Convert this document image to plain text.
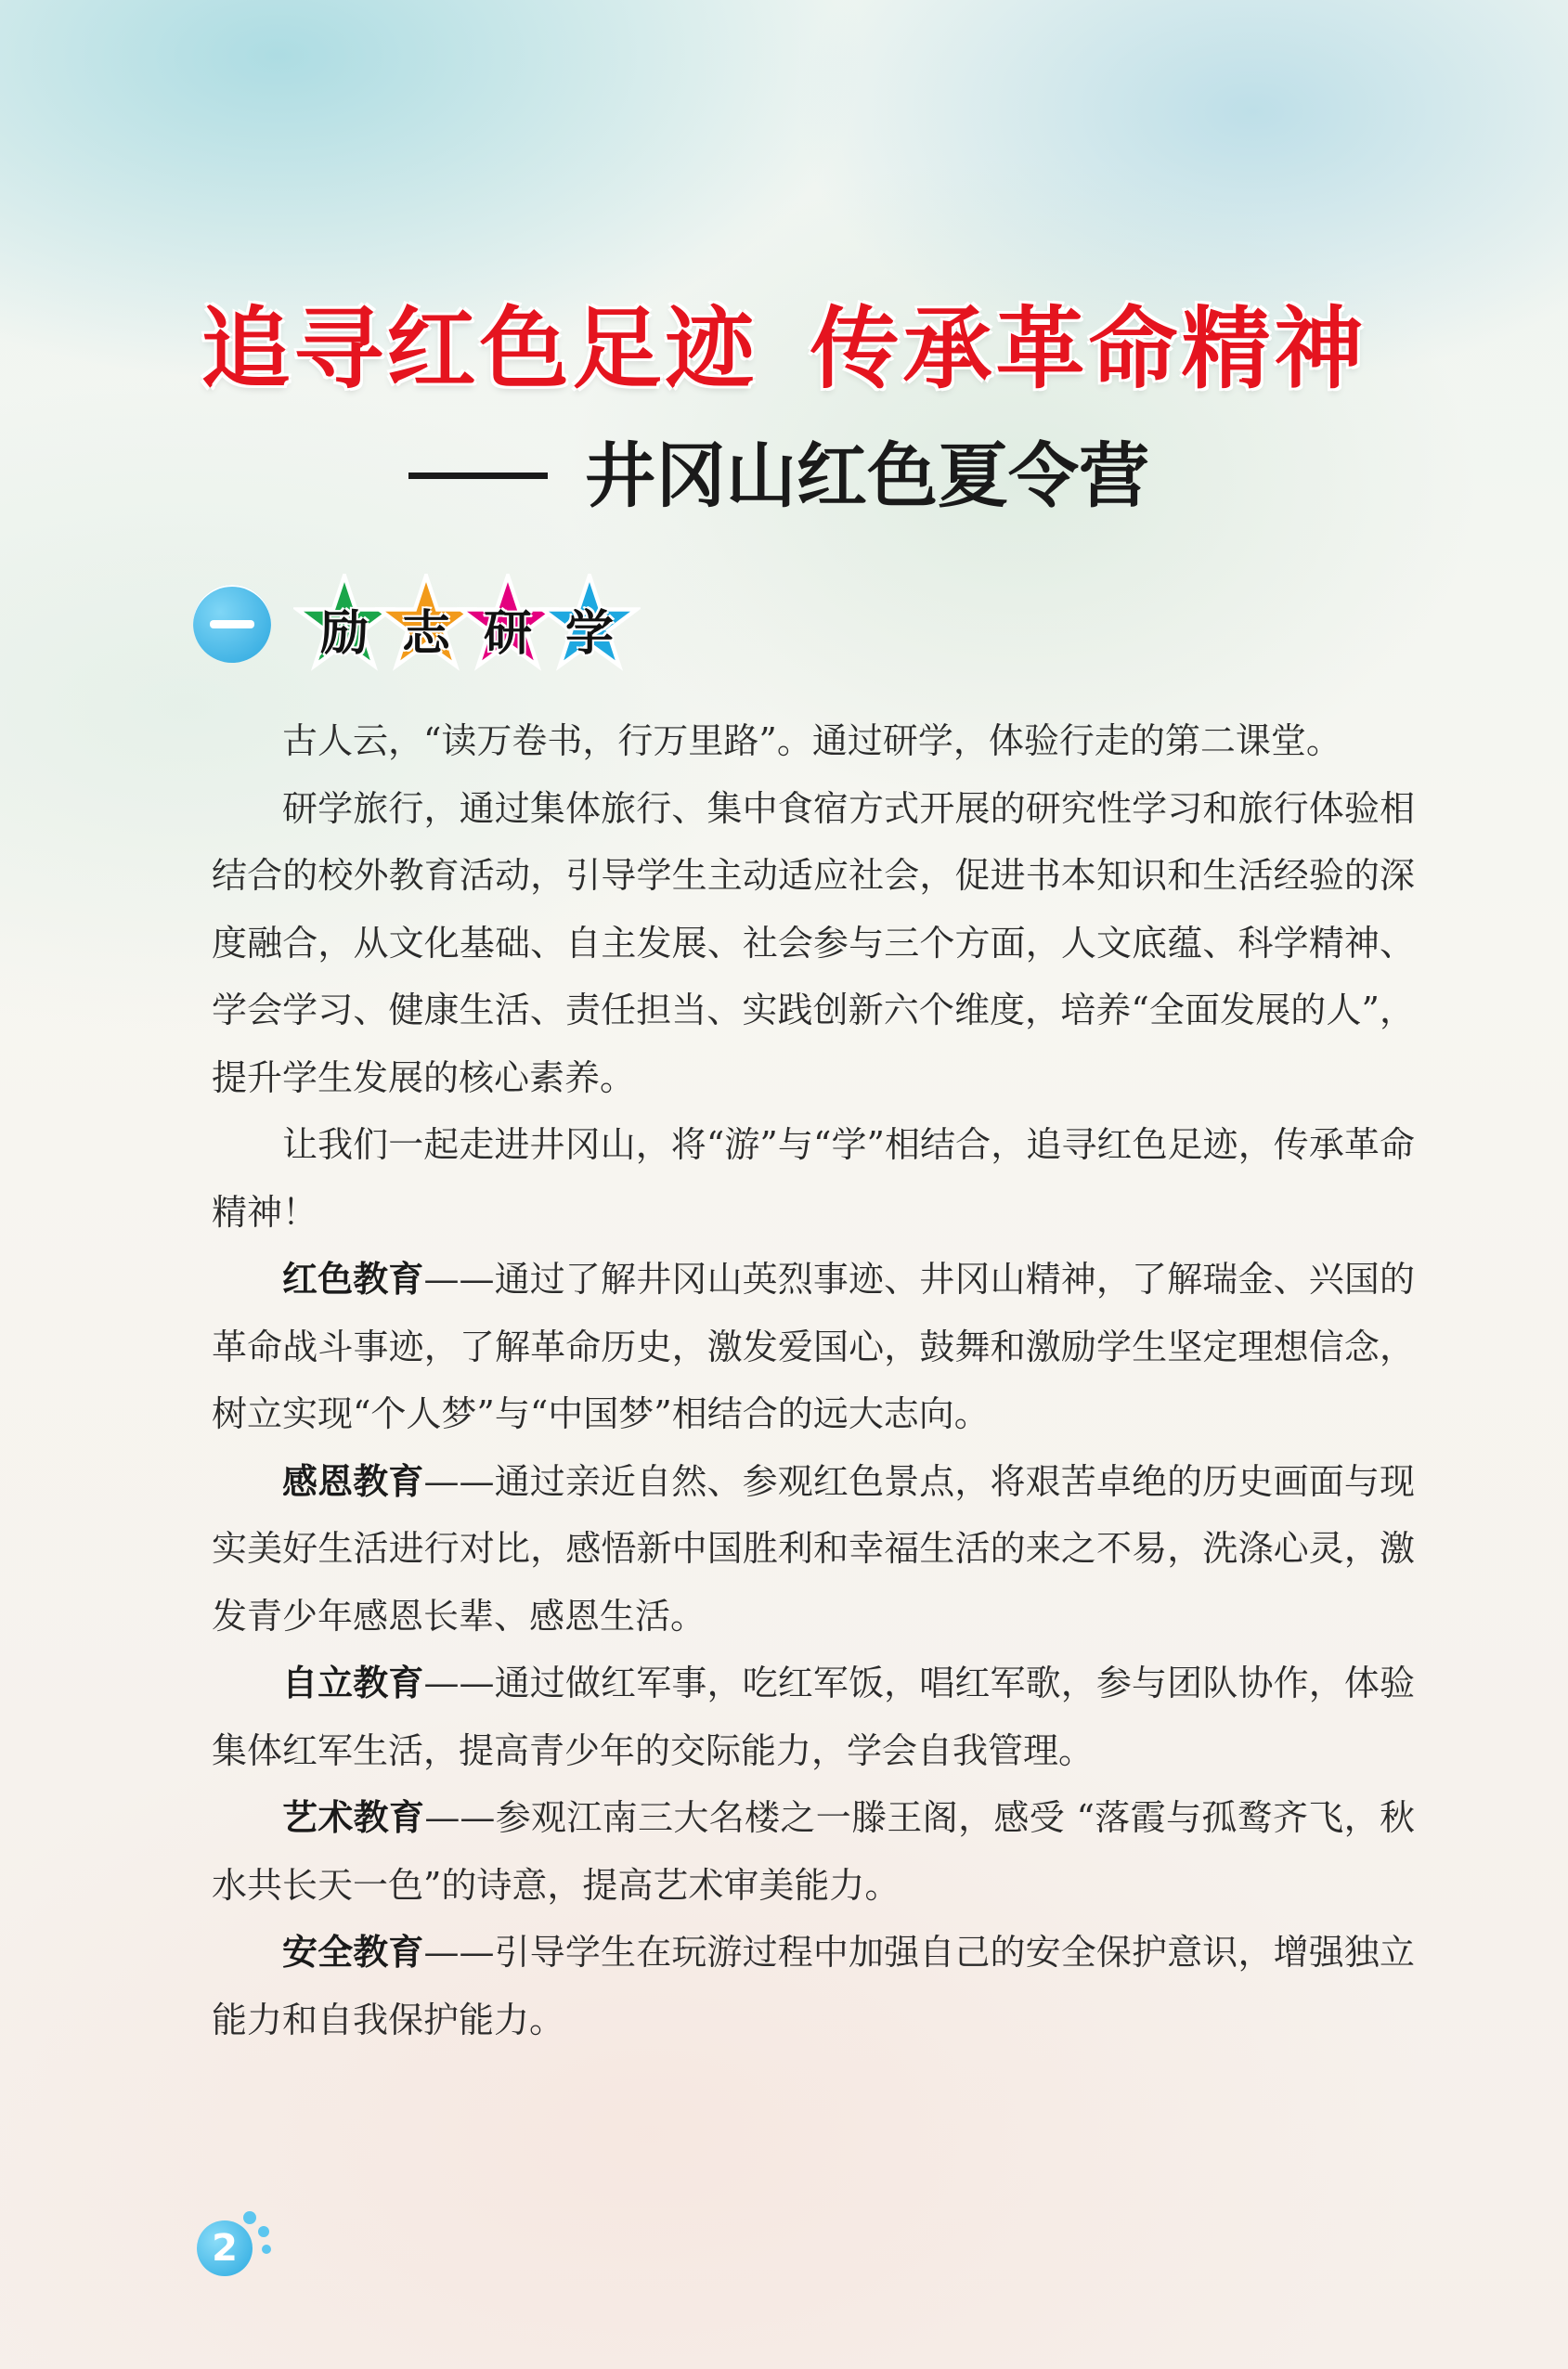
追寻红色足迹 传承革命精神
井冈山红色夏令营
励 志 研 学

古人云，“读万卷书，行万里路”。通过研学，体验行走的第二课堂。

研学旅行，通过集体旅行、集中食宿方式开展的研究性学习和旅行体验相结合的校外教育活动，引导学生主动适应社会，促进书本知识和生活经验的深度融合，从文化基础、自主发展、社会参与三个方面，人文底蕴、科学精神、学会学习、健康生活、责任担当、实践创新六个维度，培养“全面发展的人”，提升学生发展的核心素养。

让我们一起走进井冈山，将“游”与“学”相结合，追寻红色足迹，传承革命精神！

红色教育——通过了解井冈山英烈事迹、井冈山精神，了解瑞金、兴国的革命战斗事迹，了解革命历史，激发爱国心，鼓舞和激励学生坚定理想信念，树立实现“个人梦”与“中国梦”相结合的远大志向。

感恩教育——通过亲近自然、参观红色景点，将艰苦卓绝的历史画面与现实美好生活进行对比，感悟新中国胜利和幸福生活的来之不易，洗涤心灵，激发青少年感恩长辈、感恩生活。

自立教育——通过做红军事，吃红军饭，唱红军歌，参与团队协作，体验集体红军生活，提高青少年的交际能力，学会自我管理。

艺术教育——参观江南三大名楼之一滕王阁，感受 “落霞与孤鹜齐飞，秋水共长天一色”的诗意，提高艺术审美能力。

安全教育——引导学生在玩游过程中加强自己的安全保护意识，增强独立能力和自我保护能力。

2
